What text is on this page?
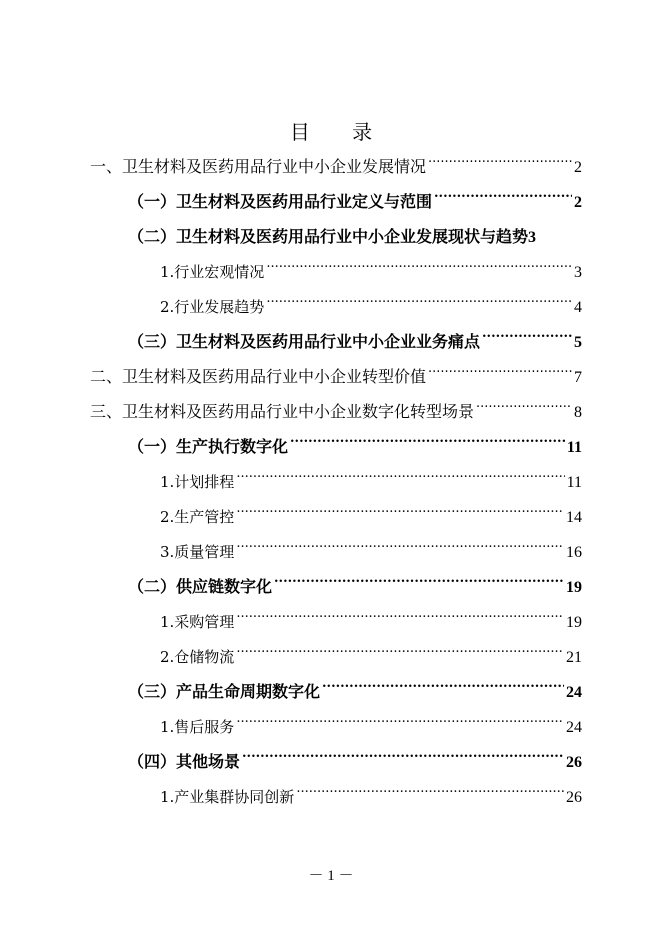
目 录
一、卫生材料及医药用品行业中小企业发展情况 .....	2
（一）卫生材料及医药用品行业定义与范围 .....	2
（二）卫生材料及医药用品行业中小企业发展现状与趋势 3
1.行业宏观情况 .....	3
2.行业发展趋势 .....	4
（三）卫生材料及医药用品行业中小企业业务痛点 .....	5
二、卫生材料及医药用品行业中小企业转型价值 .....	7
三、卫生材料及医药用品行业中小企业数字化转型场景 .....	8
（一）生产执行数字化 .....	11
1.计划排程 .....	11
2.生产管控 .....	14
3.质量管理 .....	16
（二）供应链数字化 .....	19
1.采购管理 .....	19
2.仓储物流 .....	21
（三）产品生命周期数字化 .....	24
1.售后服务 .....	24
（四）其他场景 .....	26
1.产业集群协同创新 .....	26
－ 1 －
